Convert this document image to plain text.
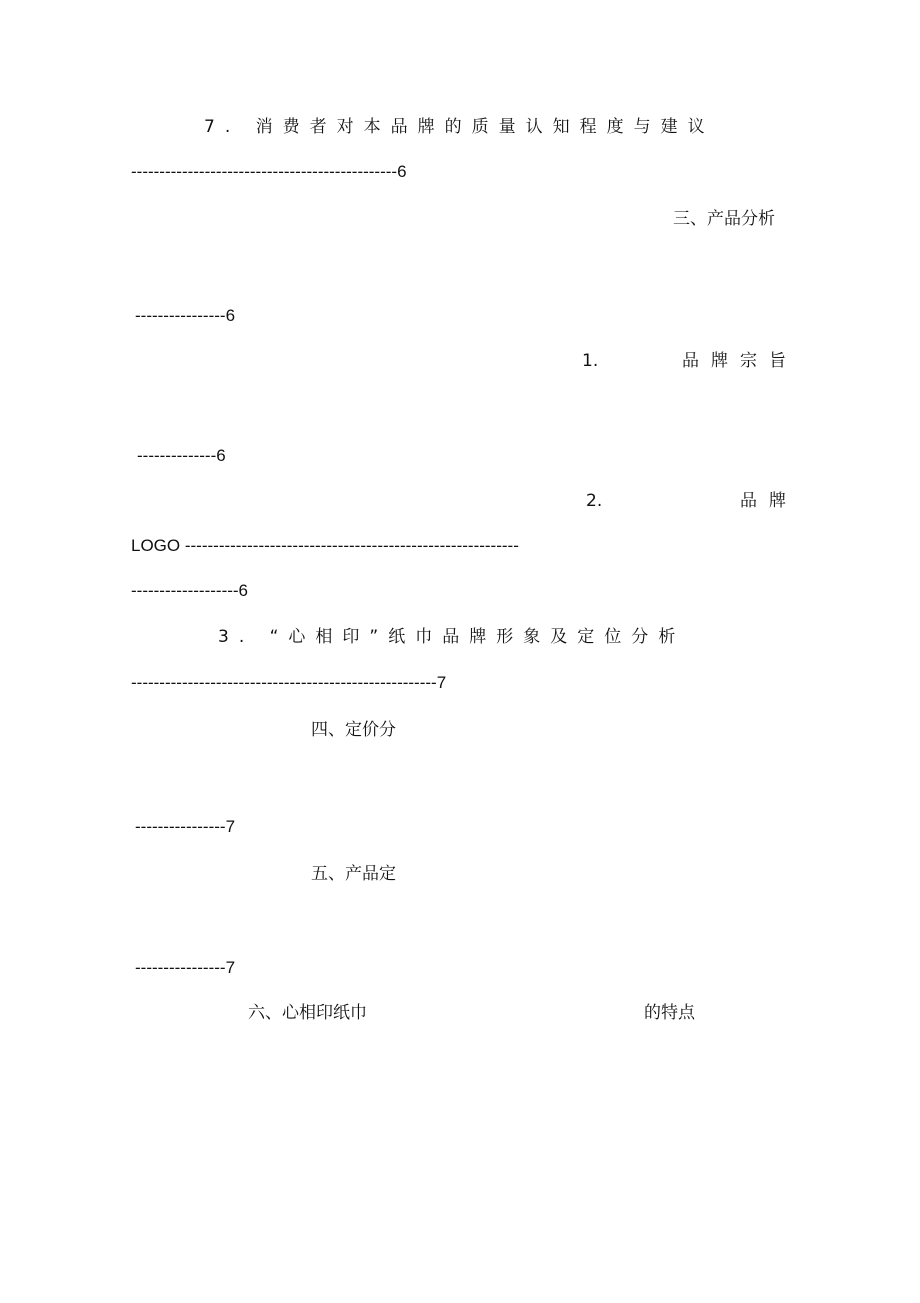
7. 消费者对本品牌的质量认知程度与建议
-----------------------------------------------6
三、产品分析
----------------6
1.	品牌宗旨
--------------6
2.	品牌
LOGO -----------------------------------------------------------
-------------------6
3. “心相印”纸巾品牌形象及定位分析
------------------------------------------------------7
四、定价分
----------------7
五、产品定
----------------7
六、心相印纸巾	的特点
